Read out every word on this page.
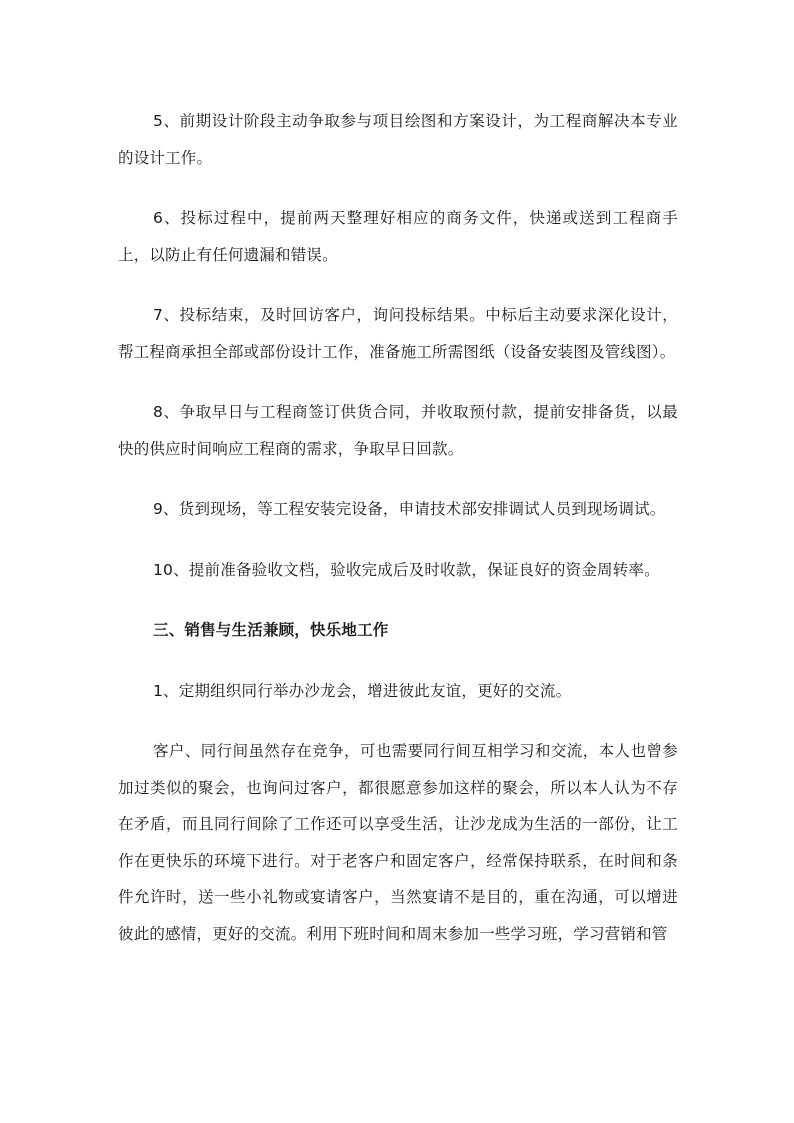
5、前期设计阶段主动争取参与项目绘图和方案设计，为工程商解决本专业的设计工作。

6、投标过程中，提前两天整理好相应的商务文件，快递或送到工程商手上，以防止有任何遗漏和错误。

7、投标结束，及时回访客户，询问投标结果。中标后主动要求深化设计，帮工程商承担全部或部份设计工作，准备施工所需图纸（设备安装图及管线图）。

8、争取早日与工程商签订供货合同，并收取预付款，提前安排备货，以最快的供应时间响应工程商的需求，争取早日回款。

9、货到现场，等工程安装完设备，申请技术部安排调试人员到现场调试。

10、提前准备验收文档，验收完成后及时收款，保证良好的资金周转率。

三、销售与生活兼顾，快乐地工作

1、定期组织同行举办沙龙会，增进彼此友谊，更好的交流。

客户、同行间虽然存在竞争，可也需要同行间互相学习和交流，本人也曾参加过类似的聚会，也询问过客户，都很愿意参加这样的聚会，所以本人认为不存在矛盾，而且同行间除了工作还可以享受生活，让沙龙成为生活的一部份，让工作在更快乐的环境下进行。对于老客户和固定客户，经常保持联系，在时间和条件允许时，送一些小礼物或宴请客户，当然宴请不是目的，重在沟通，可以增进彼此的感情，更好的交流。利用下班时间和周末参加一些学习班，学习营销和管
